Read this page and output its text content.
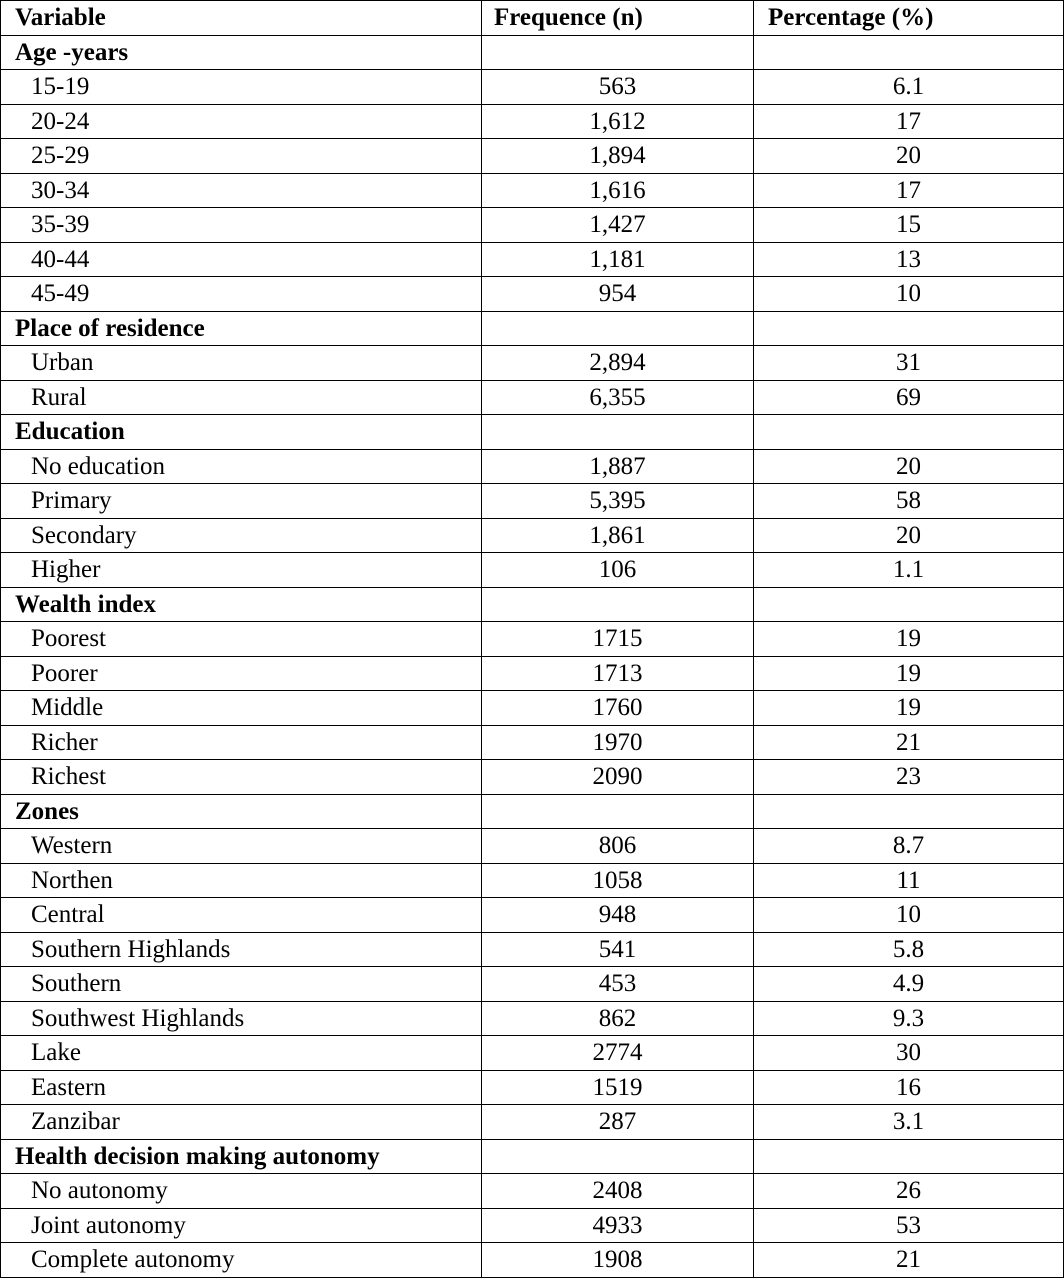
Variable	Frequence (n)	Percentage (%)
Age -years		
15-19	563	6.1
20-24	1,612	17
25-29	1,894	20
30-34	1,616	17
35-39	1,427	15
40-44	1,181	13
45-49	954	10
Place of residence		
Urban	2,894	31
Rural	6,355	69
Education		
No education	1,887	20
Primary	5,395	58
Secondary	1,861	20
Higher	106	1.1
Wealth index		
Poorest	1715	19
Poorer	1713	19
Middle	1760	19
Richer	1970	21
Richest	2090	23
Zones		
Western	806	8.7
Northen	1058	11
Central	948	10
Southern Highlands	541	5.8
Southern	453	4.9
Southwest Highlands	862	9.3
Lake	2774	30
Eastern	1519	16
Zanzibar	287	3.1
Health decision making autonomy		
No autonomy	2408	26
Joint autonomy	4933	53
Complete autonomy	1908	21
